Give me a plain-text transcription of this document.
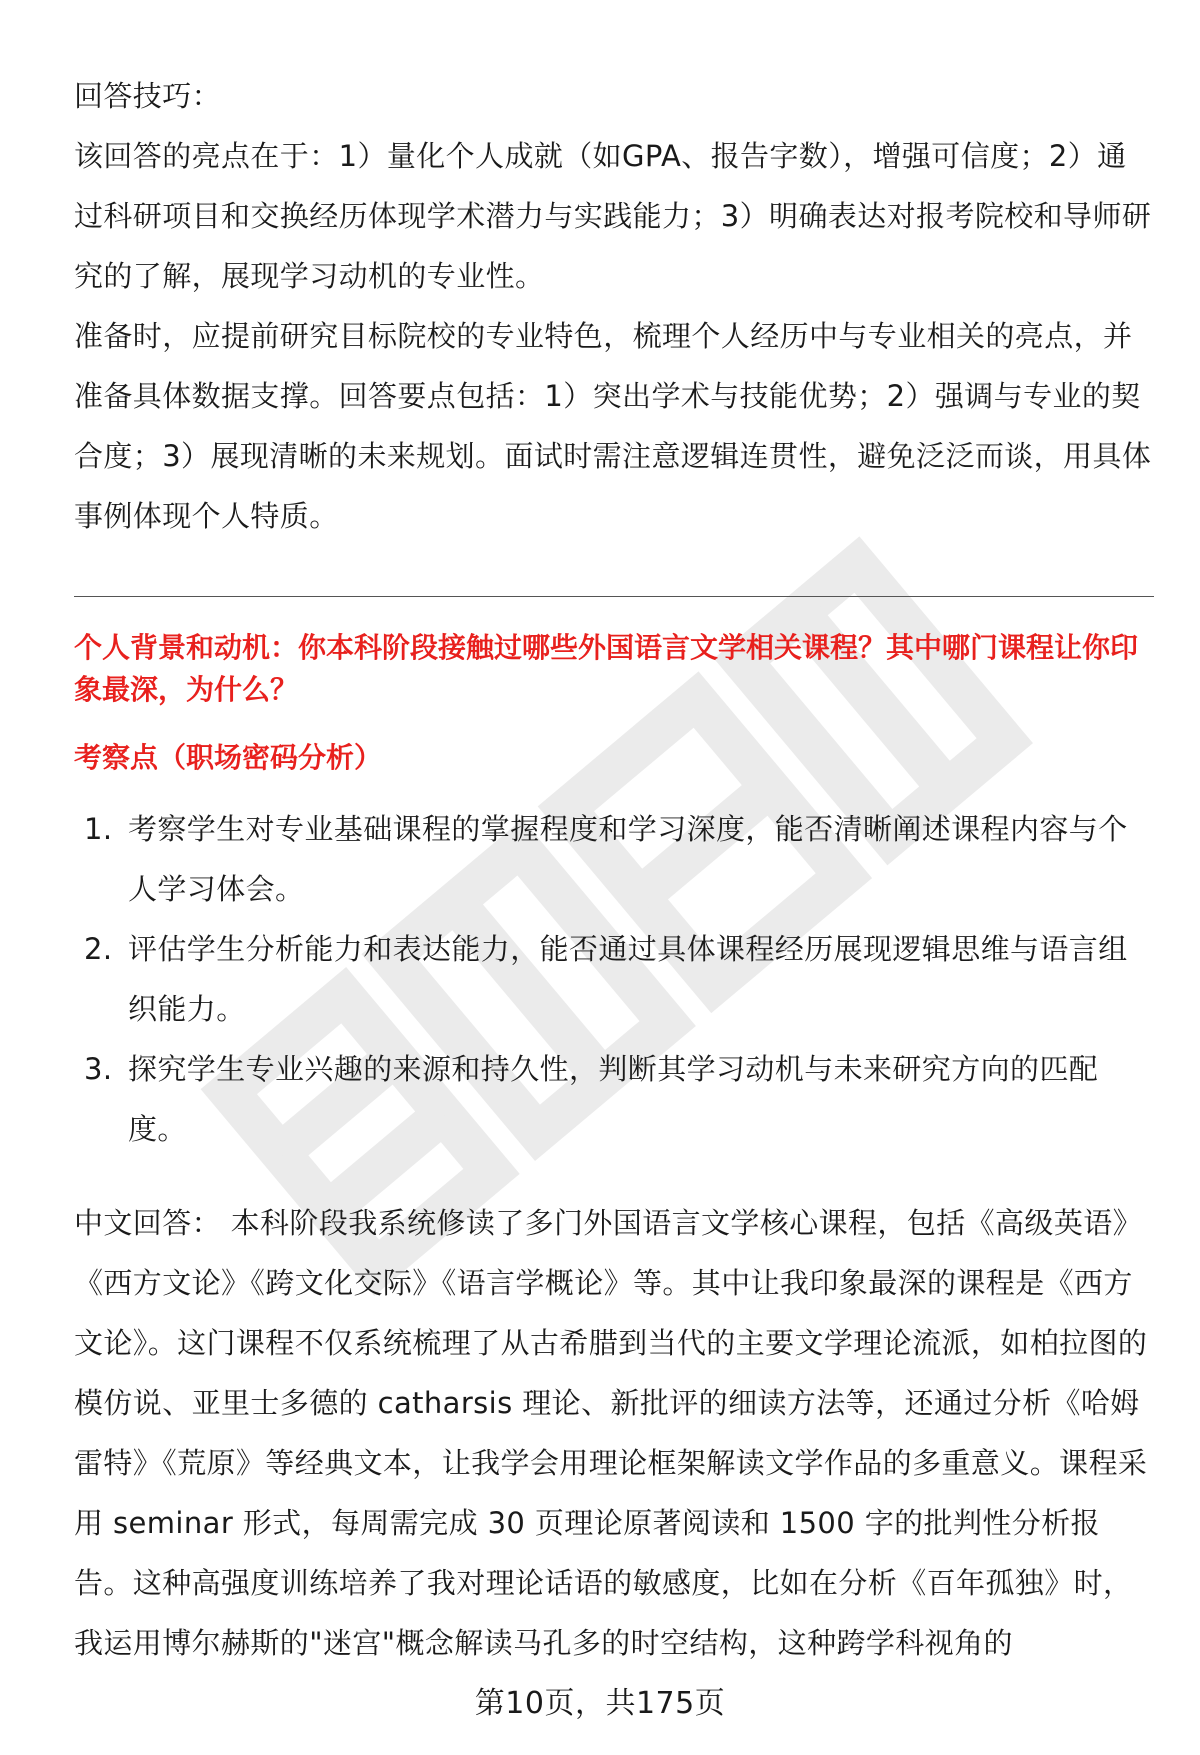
回答技巧：

该回答的亮点在于：1）量化个人成就（如GPA、报告字数），增强可信度；2）通过科研项目和交换经历体现学术潜力与实践能力；3）明确表达对报考院校和导师研究的了解，展现学习动机的专业性。

准备时，应提前研究目标院校的专业特色，梳理个人经历中与专业相关的亮点，并准备具体数据支撑。回答要点包括：1）突出学术与技能优势；2）强调与专业的契合度；3）展现清晰的未来规划。面试时需注意逻辑连贯性，避免泛泛而谈，用具体事例体现个人特质。

个人背景和动机：你本科阶段接触过哪些外国语言文学相关课程？其中哪门课程让你印象最深，为什么？

考察点（职场密码分析）

1. 考察学生对专业基础课程的掌握程度和学习深度，能否清晰阐述课程内容与个人学习体会。
2. 评估学生分析能力和表达能力，能否通过具体课程经历展现逻辑思维与语言组织能力。
3. 探究学生专业兴趣的来源和持久性，判断其学习动机与未来研究方向的匹配度。

中文回答： 本科阶段我系统修读了多门外国语言文学核心课程，包括《高级英语》《西方文论》《跨文化交际》《语言学概论》等。其中让我印象最深的课程是《西方文论》。这门课程不仅系统梳理了从古希腊到当代的主要文学理论流派，如柏拉图的模仿说、亚里士多德的 catharsis 理论、新批评的细读方法等，还通过分析《哈姆雷特》《荒原》等经典文本，让我学会用理论框架解读文学作品的多重意义。课程采用 seminar 形式，每周需完成 30 页理论原著阅读和 1500 字的批判性分析报告。这种高强度训练培养了我对理论话语的敏感度，比如在分析《百年孤独》时，我运用博尔赫斯的"迷宫"概念解读马孔多的时空结构，这种跨学科视角的

第10页，共175页
